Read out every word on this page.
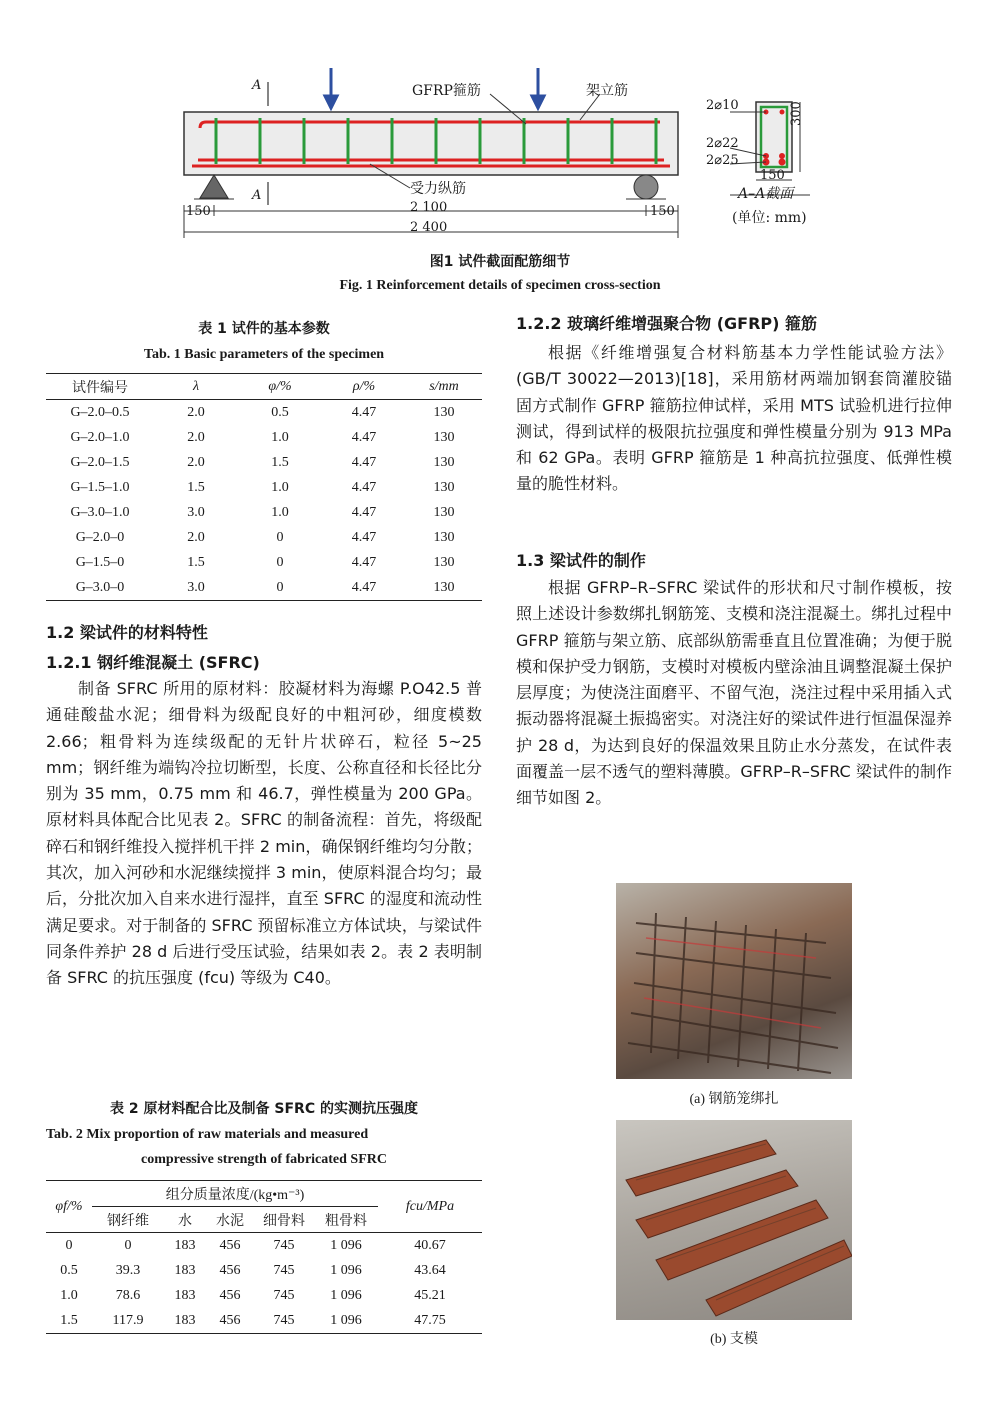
A
A
GFRP箍筋	架立筋
受力纵筋
150	150
2 100
2 400
2⌀10
2⌀22
2⌀25
300
150
A–A截面
(单位: mm)
图1 试件截面配筋细节
Fig. 1 Reinforcement details of specimen cross-section
表 1 试件的基本参数
Tab. 1 Basic parameters of the specimen
试件编号	λ	φ/%	ρ/%	s/mm
G–2.0–0.5	2.0	0.5	4.47	130
G–2.0–1.0	2.0	1.0	4.47	130
G–2.0–1.5	2.0	1.5	4.47	130
G–1.5–1.0	1.5	1.0	4.47	130
G–3.0–1.0	3.0	1.0	4.47	130
G–2.0–0	2.0	0	4.47	130
G–1.5–0	1.5	0	4.47	130
G–3.0–0	3.0	0	4.47	130
1.2 梁试件的材料特性
1.2.1 钢纤维混凝土 (SFRC)

制备 SFRC 所用的原材料：胶凝材料为海螺 P.O42.5 普通硅酸盐水泥；细骨料为级配良好的中粗河砂，细度模数 2.66；粗骨料为连续级配的无针片状碎石，粒径 5~25 mm；钢纤维为端钩冷拉切断型，长度、公称直径和长径比分别为 35 mm，0.75 mm 和 46.7，弹性模量为 200 GPa。原材料具体配合比见表 2。SFRC 的制备流程：首先，将级配碎石和钢纤维投入搅拌机干拌 2 min，确保钢纤维均匀分散；其次，加入河砂和水泥继续搅拌 3 min，使原料混合均匀；最后，分批次加入自来水进行湿拌，直至 SFRC 的湿度和流动性满足要求。对于制备的 SFRC 预留标准立方体试块，与梁试件同条件养护 28 d 后进行受压试验，结果如表 2。表 2 表明制备 SFRC 的抗压强度 (fcu) 等级为 C40。

表 2 原材料配合比及制备 SFRC 的实测抗压强度
Tab. 2 Mix proportion of raw materials and measured
compressive strength of fabricated SFRC
φf/%	组分质量浓度/(kg•m⁻³)					fcu/MPa
	钢纤维	水	水泥	细骨料	粗骨料	
0	0	183	456	745	1 096	40.67
0.5	39.3	183	456	745	1 096	43.64
1.0	78.6	183	456	745	1 096	45.21
1.5	117.9	183	456	745	1 096	47.75
1.2.2 玻璃纤维增强聚合物 (GFRP) 箍筋

根据《纤维增强复合材料筋基本力学性能试验方法》(GB/T 30022—2013)[18]，采用筋材两端加钢套筒灌胶锚固方式制作 GFRP 箍筋拉伸试样，采用 MTS 试验机进行拉伸测试，得到试样的极限抗拉强度和弹性模量分别为 913 MPa 和 62 GPa。表明 GFRP 箍筋是 1 种高抗拉强度、低弹性模量的脆性材料。

1.3 梁试件的制作

根据 GFRP–R–SFRC 梁试件的形状和尺寸制作模板，按照上述设计参数绑扎钢筋笼、支模和浇注混凝土。绑扎过程中 GFRP 箍筋与架立筋、底部纵筋需垂直且位置准确；为便于脱模和保护受力钢筋，支模时对模板内壁涂油且调整混凝土保护层厚度；为使浇注面磨平、不留气泡，浇注过程中采用插入式振动器将混凝土振捣密实。对浇注好的梁试件进行恒温保湿养护 28 d，为达到良好的保温效果且防止水分蒸发，在试件表面覆盖一层不透气的塑料薄膜。GFRP–R–SFRC 梁试件的制作细节如图 2。

(a) 钢筋笼绑扎
(b) 支模
